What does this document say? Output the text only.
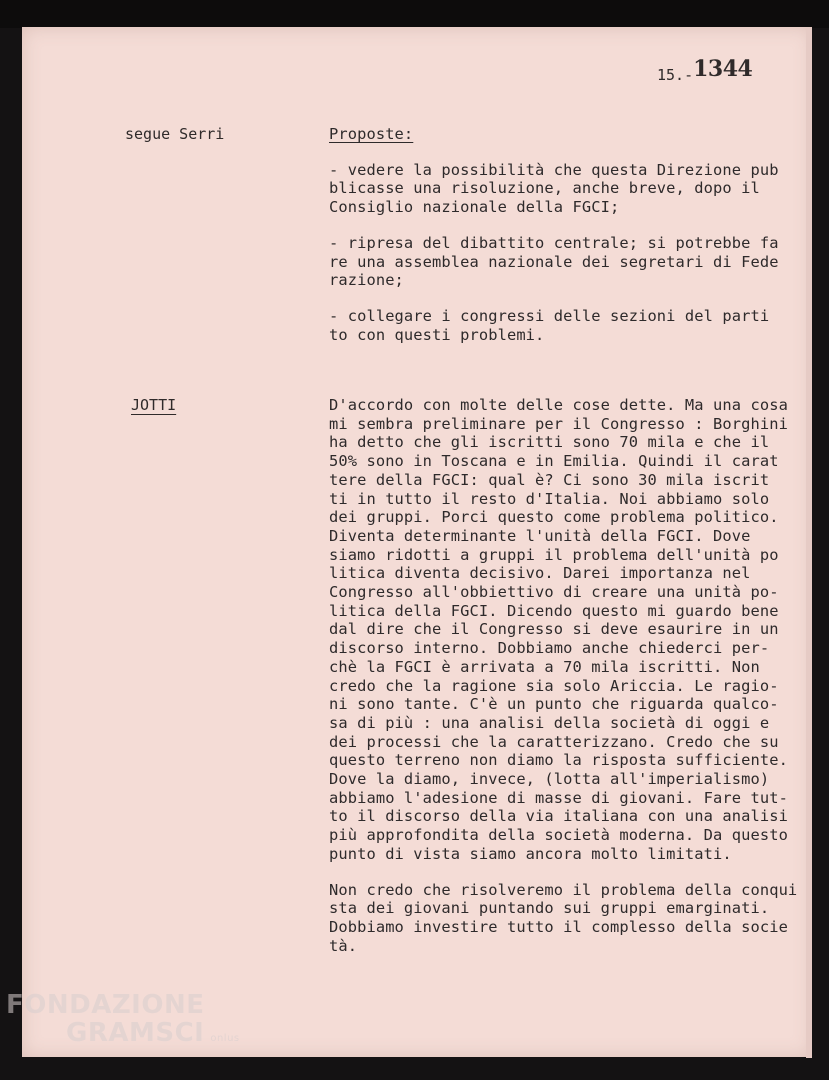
15.-1344
segue Serri	Proposte:

- vedere la possibilità che questa Direzione pub

blicasse una risoluzione, anche breve, dopo il

Consiglio nazionale della FGCI;

- ripresa del dibattito centrale; si potrebbe fa

re una assemblea nazionale dei segretari di Fede

razione;

- collegare i congressi delle sezioni del parti

to con questi problemi.

JOTTI	D'accordo con molte delle cose dette. Ma una cosa

mi sembra preliminare per il Congresso : Borghini

ha detto che gli iscritti sono 70 mila e che il

50% sono in Toscana e in Emilia. Quindi il carat

tere della FGCI: qual è? Ci sono 30 mila iscrit

ti in tutto il resto d'Italia. Noi abbiamo solo

dei gruppi. Porci questo come problema politico.

Diventa determinante l'unità della FGCI. Dove

siamo ridotti a gruppi il problema dell'unità po

litica diventa decisivo. Darei importanza nel

Congresso all'obbiettivo di creare una unità po-

litica della FGCI. Dicendo questo mi guardo bene

dal dire che il Congresso si deve esaurire in un

discorso interno. Dobbiamo anche chiederci per-

chè la FGCI è arrivata a 70 mila iscritti. Non

credo che la ragione sia solo Ariccia. Le ragio-

ni sono tante. C'è un punto che riguarda qualco-

sa di più : una analisi della società di oggi e

dei processi che la caratterizzano. Credo che su

questo terreno non diamo la risposta sufficiente.

Dove la diamo, invece, (lotta all'imperialismo)

abbiamo l'adesione di masse di giovani. Fare tut-

to il discorso della via italiana con una analisi

più approfondita della società moderna. Da questo

punto di vista siamo ancora molto limitati.

Non credo che risolveremo il problema della conqui

sta dei giovani puntando sui gruppi emarginati.

Dobbiamo investire tutto il complesso della socie

tà.

FONDAZIONE
GRAMSCI onlus
